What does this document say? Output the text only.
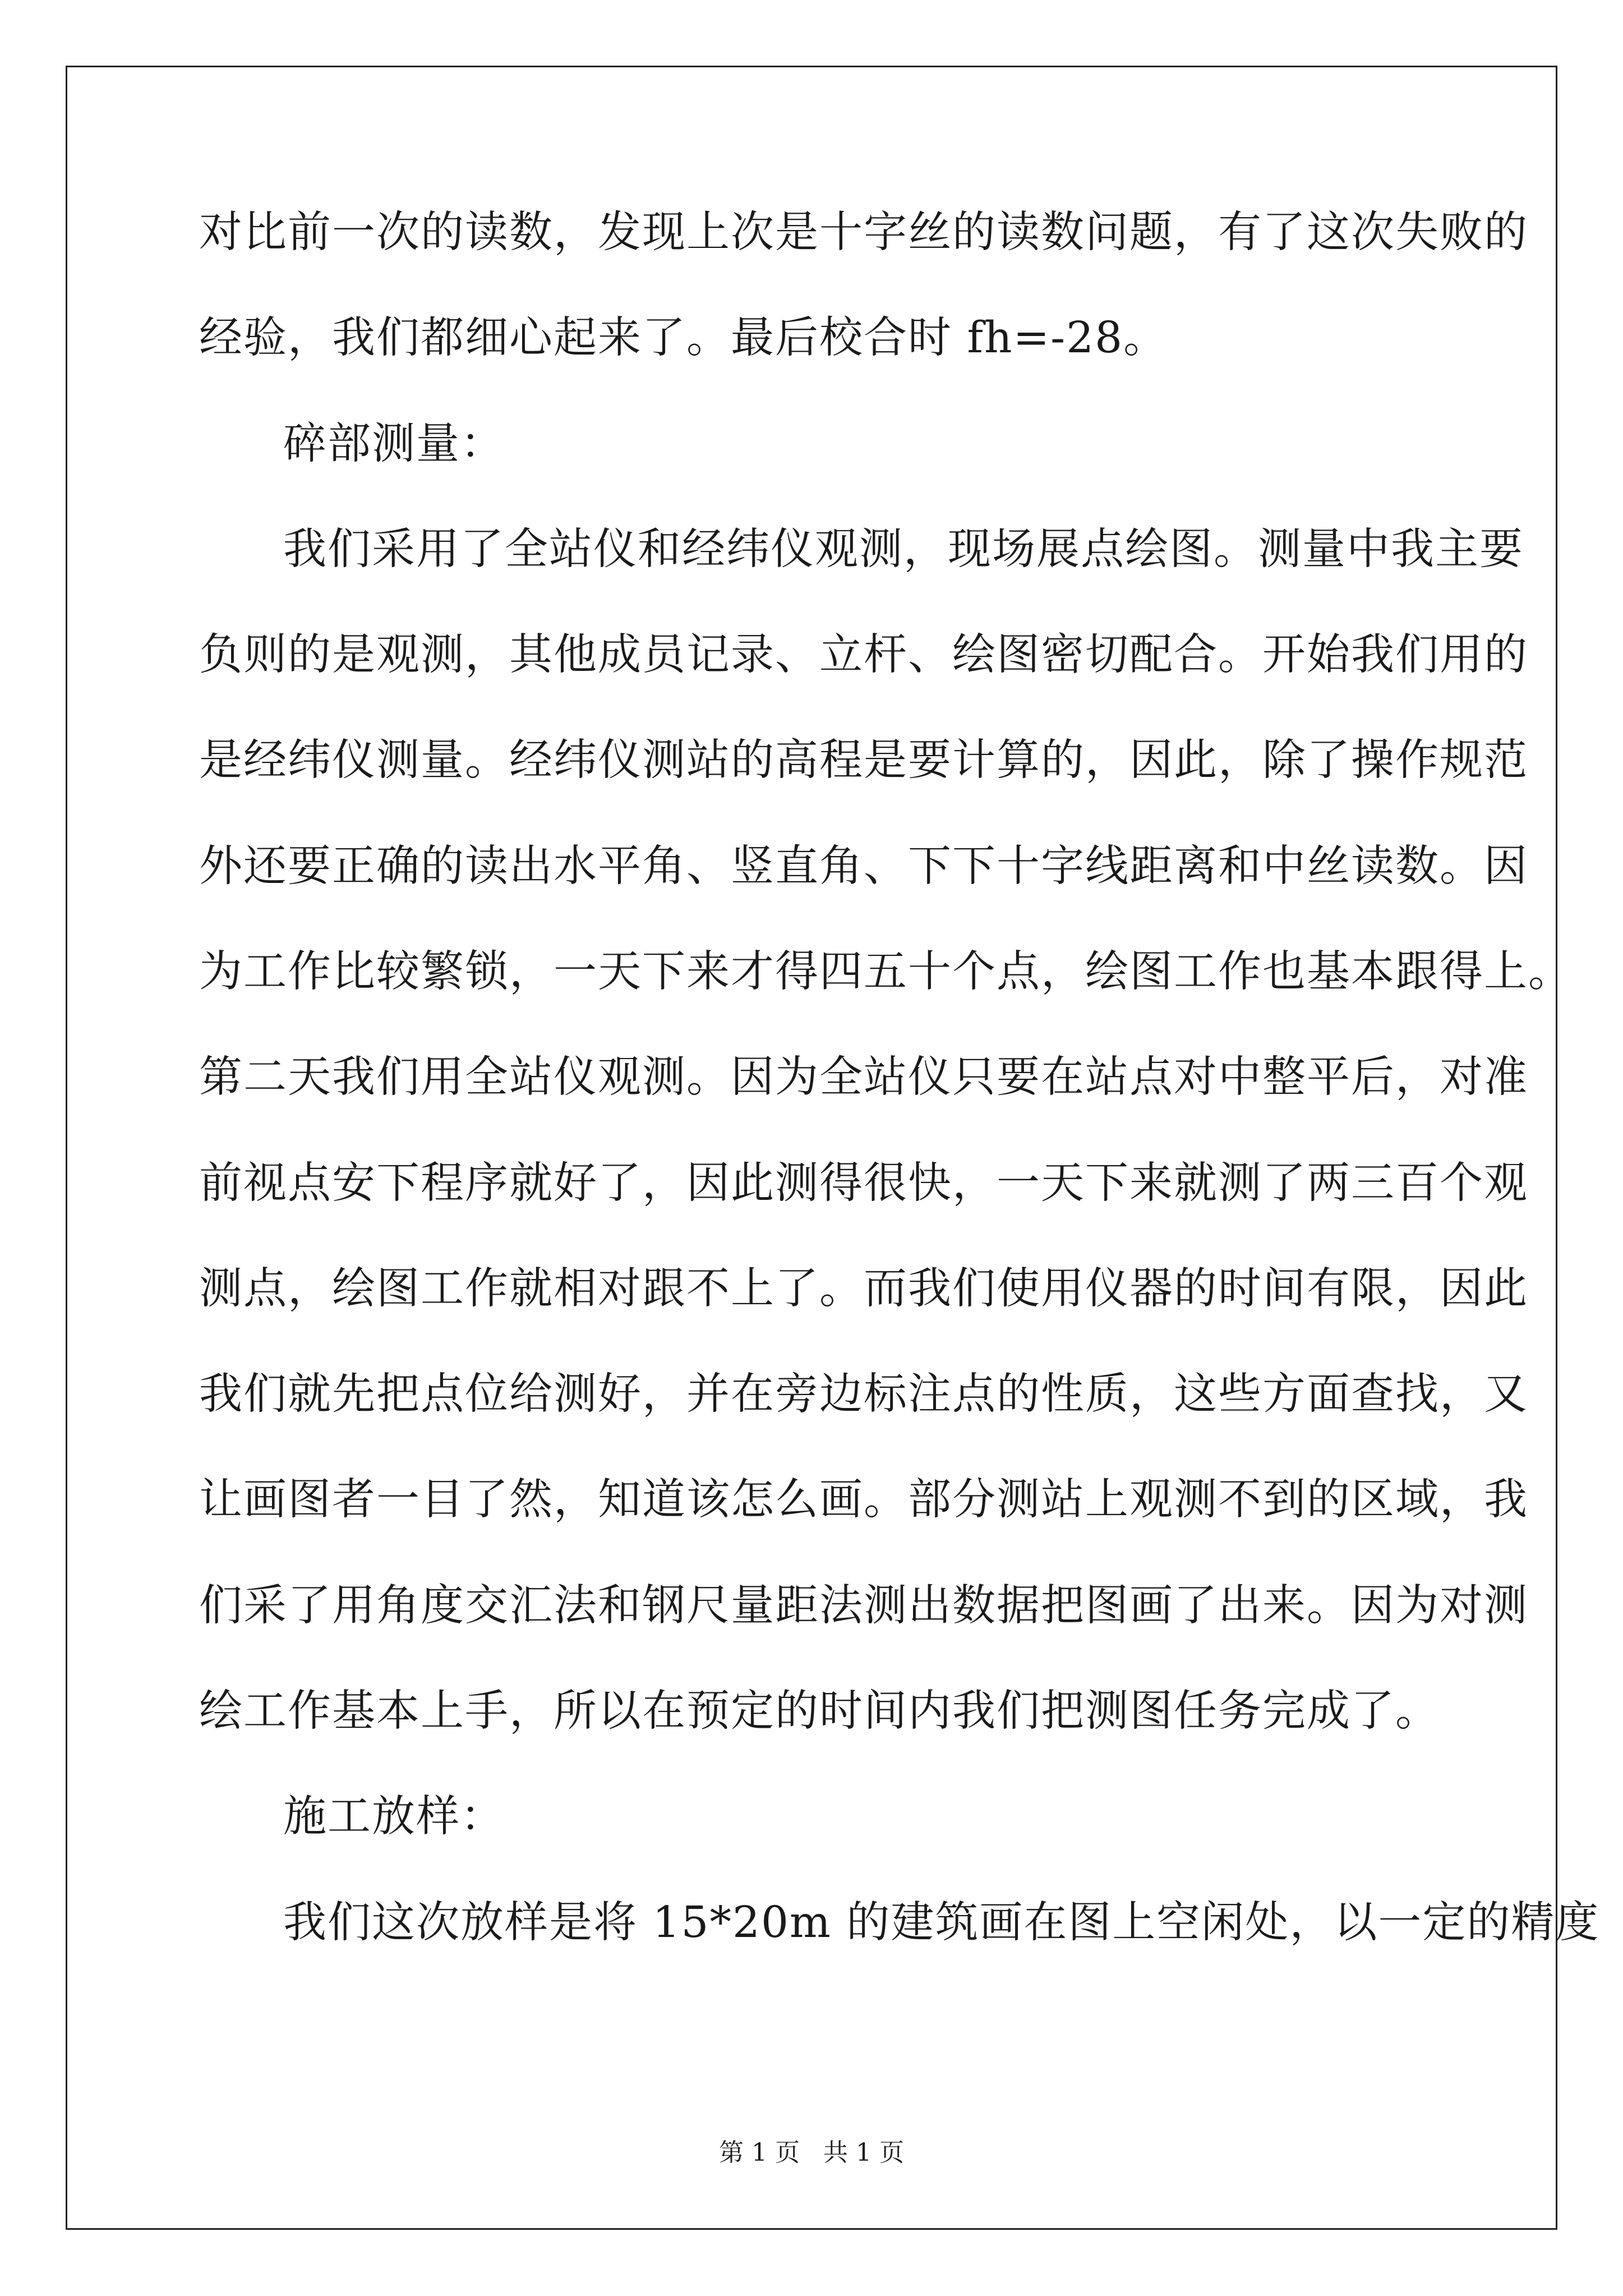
对比前一次的读数，发现上次是十字丝的读数问题，有了这次失败的
经验，我们都细心起来了。最后校合时 fh=-28。
碎部测量：
我们采用了全站仪和经纬仪观测，现场展点绘图。测量中我主要
负则的是观测，其他成员记录、立杆、绘图密切配合。开始我们用的
是经纬仪测量。经纬仪测站的高程是要计算的，因此，除了操作规范
外还要正确的读出水平角、竖直角、下下十字线距离和中丝读数。因
为工作比较繁锁，一天下来才得四五十个点，绘图工作也基本跟得上。
第二天我们用全站仪观测。因为全站仪只要在站点对中整平后，对准
前视点安下程序就好了，因此测得很快，一天下来就测了两三百个观
测点，绘图工作就相对跟不上了。而我们使用仪器的时间有限，因此
我们就先把点位给测好，并在旁边标注点的性质，这些方面查找，又
让画图者一目了然，知道该怎么画。部分测站上观测不到的区域，我
们采了用角度交汇法和钢尺量距法测出数据把图画了出来。因为对测
绘工作基本上手，所以在预定的时间内我们把测图任务完成了。
施工放样：
我们这次放样是将 15*20m 的建筑画在图上空闲处，以一定的精度
第 1 页 共 1 页
